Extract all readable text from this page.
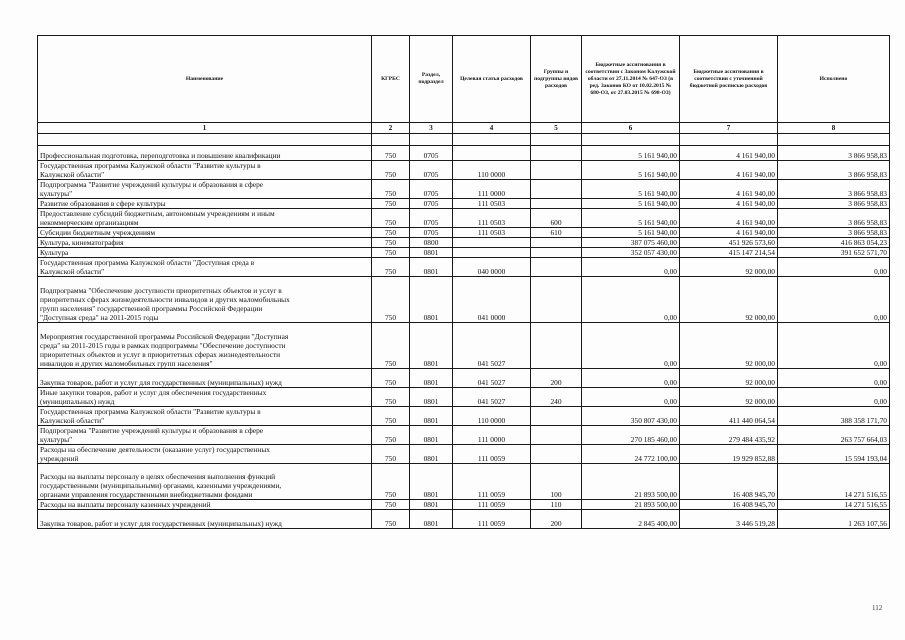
Наименование	КГРБС	Раздел, подраздел	Целевая статья расходов	Группы и подгруппы видов расходов	Бюджетные ассигнования в соответствии с Законом Калужской области от 27.11.2014 № 647-ОЗ (в ред. Законов КО от 10.02.2015 № 680-ОЗ, от 27.03.2015 № 698-ОЗ)	Бюджетные ассигнования в соответствии с уточненной бюджетной росписью расходов	Исполнено
1	2	3	4	5	6	7	8

Профессиональная подготовка, переподготовка и повышение квалификации	750	0705			5 161 940,00	4 161 940,00	3 866 958,83
Государственная программа Калужской области "Развитие культуры в
Калужской области"	750	0705	110 0000		5 161 940,00	4 161 940,00	3 866 958,83
Подпрограмма "Развитие учреждений культуры и образования в сфере
культуры"	750	0705	111 0000		5 161 940,00	4 161 940,00	3 866 958,83
Развитие образования в сфере культуры	750	0705	111 0503		5 161 940,00	4 161 940,00	3 866 958,83
Предоставление субсидий бюджетным, автономным учреждениям и иным
некоммерческим организациям	750	0705	111 0503	600	5 161 940,00	4 161 940,00	3 866 958,83
Субсидии бюджетным учреждениям	750	0705	111 0503	610	5 161 940,00	4 161 940,00	3 866 958,83
Культура, кинематография	750	0800			387 075 460,00	451 926 573,60	416 863 054,23
Культура	750	0801			352 057 430,00	415 147 214,54	391 652 571,70
Государственная программа Калужской области "Доступная среда в
Калужской области"	750	0801	040 0000		0,00	92 000,00	0,00
Подпрограмма "Обеспечение доступности приоритетных объектов и услуг в
приоритетных сферах жизнедеятельности инвалидов и других маломобильных
групп населения" государственной программы Российской Федерации
"Доступная среда" на 2011-2015 годы	750	0801	041 0000		0,00	92 000,00	0,00
Мероприятия государственной программы Российской Федерации "Доступная
среда" на 2011-2015 годы в рамках подпрограммы "Обеспечение доступности
приоритетных объектов и услуг в приоритетных сферах жизнедеятельности
инвалидов и других маломобильных групп населения"	750	0801	041 5027		0,00	92 000,00	0,00
Закупка товаров, работ и услуг для государственных (муниципальных) нужд	750	0801	041 5027	200	0,00	92 000,00	0,00
Иные закупки товаров, работ и услуг для обеспечения государственных
(муниципальных) нужд	750	0801	041 5027	240	0,00	92 000,00	0,00
Государственная программа Калужской области "Развитие культуры в
Калужской области"	750	0801	110 0000		350 807 430,00	411 440 064,54	388 358 171,70
Подпрограмма "Развитие учреждений культуры и образования в сфере
культуры"	750	0801	111 0000		270 185 460,00	279 484 435,92	263 757 664,03
Расходы на обеспечение деятельности (оказание услуг) государственных
учреждений	750	0801	111 0059		24 772 100,00	19 929 852,88	15 594 193,04
Расходы на выплаты персоналу в целях обеспечения выполнения функций
государственными (муниципальными) органами, казенными учреждениями,
органами управления государственными внебюджетными фондами	750	0801	111 0059	100	21 893 500,00	16 408 945,70	14 271 516,55
Расходы на выплаты персоналу казенных учреждений	750	0801	111 0059	110	21 893 500,00	16 408 945,70	14 271 516,55
Закупка товаров, работ и услуг для государственных (муниципальных) нужд	750	0801	111 0059	200	2 845 400,00	3 446 519,28	1 263 107,56
112
